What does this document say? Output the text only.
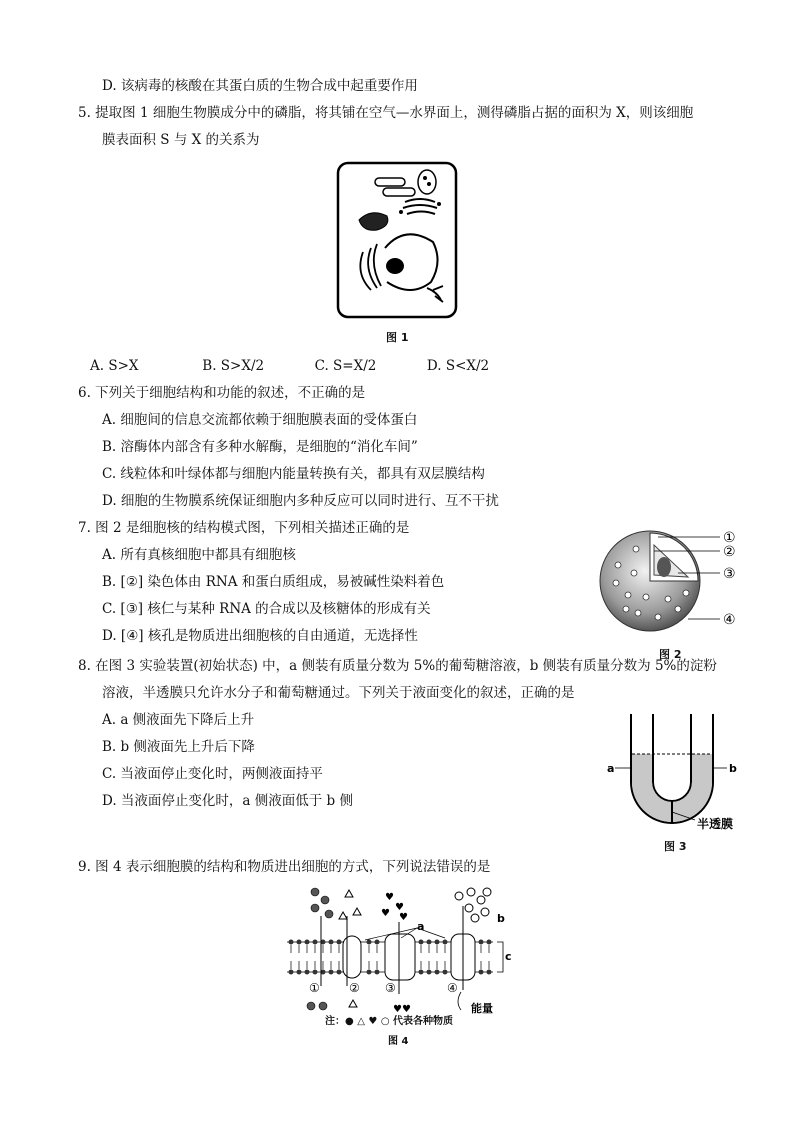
D. 该病毒的核酸在其蛋白质的生物合成中起重要作用
5. 提取图 1 细胞生物膜成分中的磷脂，将其铺在空气—水界面上，测得磷脂占据的面积为 X，则该细胞
膜表面积 S 与 X 的关系为
图 1
A. S>X	B. S>X/2	C. S=X/2	D. S<X/2
6. 下列关于细胞结构和功能的叙述，不正确的是
A. 细胞间的信息交流都依赖于细胞膜表面的受体蛋白
B. 溶酶体内部含有多种水解酶，是细胞的“消化车间”
C. 线粒体和叶绿体都与细胞内能量转换有关，都具有双层膜结构
D. 细胞的生物膜系统保证细胞内多种反应可以同时进行、互不干扰
7. 图 2 是细胞核的结构模式图，下列相关描述正确的是
A. 所有真核细胞中都具有细胞核
B. [②] 染色体由 RNA 和蛋白质组成，易被碱性染料着色
C. [③] 核仁与某种 RNA 的合成以及核糖体的形成有关
D. [④] 核孔是物质进出细胞核的自由通道，无选择性
①
②
③
④
图 2
8. 在图 3 实验装置(初始状态) 中，a 侧装有质量分数为 5%的葡萄糖溶液，b 侧装有质量分数为 5%的淀粉
溶液，半透膜只允许水分子和葡萄糖通过。下列关于液面变化的叙述，正确的是
A. a 侧液面先下降后上升
B. b 侧液面先上升后下降
C. 当液面停止变化时，两侧液面持平
D. 当液面停止变化时，a 侧液面低于 b 侧
a	b
半透膜
图 3
9. 图 4 表示细胞膜的结构和物质进出细胞的方式，下列说法错误的是
♥
♥
♥ ♥
♥♥
a
b
c
① ② ③	④
能量
注：● △ ♥ ○ 代表各种物质
图 4
